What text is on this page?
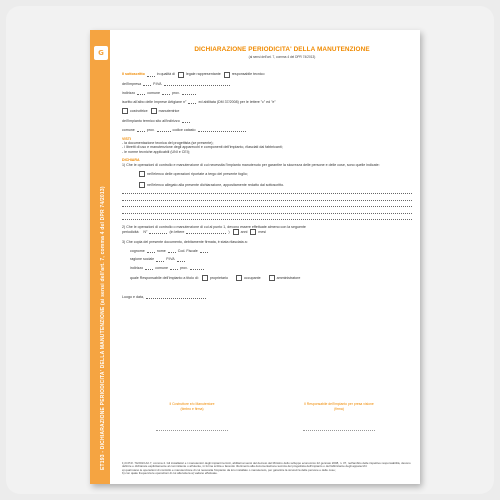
G
ET193 - DICHIARAZIONE PERIODICITA' DELLA MANUTENZIONE (ai sensi dell'art. 7, comma 4 del DPR 74/2013)
DICHIARAZIONE PERIODICITA' DELLA MANUTENZIONE
(ai sensi dell'art. 7, comma 4 del DPR 74/2013)
Il sottoscritto	in qualità di	legale rappresentante	responsabile tecnico
dell'impresa	P.IVA
indirizzo	comune	prov.
iscritto all'albo delle Imprese Artigiane n°	ed abilitata (DM 37/2008) per le lettere "c" ed "e"
costruttrice	manutentrice
dell'impianto termico sito all'indirizzo
comune	prov.	codice catasto
VISTI
- la documentazione tecnica del progettista (se presente);
- i libretti di uso e manutenzione degli apparecchi e componenti dell'impianto, rilasciati dai fabbricanti;
- le norme tecniche applicabili (UNI e CEI);
DICHIARA
1) Che le operazioni di controllo e manutenzione di cui necessita l'impianto manutenuto per garantire la sicurezza delle persone e delle cose, sono quelle indicate:
nell'elenco delle operazioni riportate a tergo del presente foglio;
nell'elenco allegato alla presente dichiarazione, appositamente redatto dal sottoscritto.
2) Che le operazioni di controllo o manutenzione di cui al punto 1, devono essere effettuate almeno con la seguente
periodicità: N°	(in lettere	)	anni	mesi
3) Che copia del presente documento, debitamente firmata, è stata rilasciata a:
cognome	nome	Cod. Fiscale
ragione sociale	P.IVA
indirizzo	comune	prov.
quale Responsabile dell'impianto a titolo di:	proprietario	occupante	amministratore
Luogo e data,
Il Costruttore e/o Manutentore
(timbro e firma)
Il Responsabile dell'impianto per presa visione
(firma)
1) D.P.R. 74/2013 Art.7, comma 4. Gli installatori e i manutentori degli impianti termici, abilitati ai sensi del decreto del Ministro dello sviluppo economico 22 gennaio 2008, n. 37, nell'ambito delle rispettive responsabilità, devono definire e dichiarare esplicitamente al committente o all'utente, in forma scritta e facendo riferimento alla documentazione tecnica del progettista dell'impianto o del fabbricante degli apparecchi:
a) quali siano le operazioni di controllo e manutenzione di cui necessita l'impianto da loro installato o manutenuto, per garantire la sicurezza delle persone e delle cose;
b) con quale frequenza le operazioni di cui alla lettera a) vadano effettuate.
